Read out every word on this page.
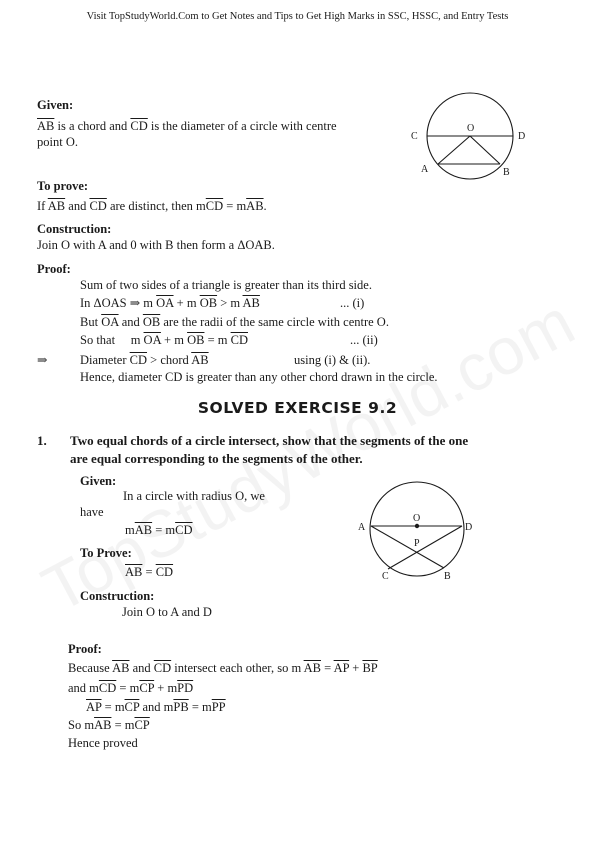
Visit TopStudyWorld.Com to Get Notes and Tips to Get High Marks in SSC, HSSC, and Entry Tests
Given:
$\overline{AB}$ is a chord and $\overline{CD}$ is the diameter of a circle with centre
point O.
O
C	D
A	B
To prove:
If $\overline{AB}$ and $\overline{CD}$ are distinct, then $m\overline{CD} = m\overline{AB}$.
Construction:
Join O with A and 0 with B then form a ΔOAB.
Proof:
Sum of two sides of a triangle is greater than its third side.
In ΔOAS ⇒ m $\overline{OA} + m$ $\overline{OB} > m$ $\overline{AB}$	... (i)
But $\overline{OA}$ and $\overline{OB}$ are the radii of the same circle with centre O.
So that     m $\overline{OA} + m$ $\overline{OB} = m$ $\overline{CD}$	... (ii)
⇒	Diameter $\overline{CD}$ > chord $\overline{AB}$	using (i) & (ii).
Hence, diameter CD is greater than any other chord drawn in the circle.
SOLVED EXERCISE 9.2
1. Two equal chords of a circle intersect, show that the segments of the one
are equal corresponding to the segments of the other.
Given:
In a circle with radius O, we
have
$m\overline{AB} = m\overline{CD}$
O
A	D
P
C	B
To Prove:
$\overline{AB} = \overline{CD}$
Construction:
Join O to A and D
Proof:
Because $\overline{AB}$ and $\overline{CD}$ intersect each other, so m $\overline{AB} = \overline{AP} + \overline{BP}$
and $m\overline{CD} = m\overline{CP} + m\overline{PD}$
$\overline{AP} = m\overline{CP}$ and $m\overline{PB} = m\overline{PP}$
So $m\overline{AB} = m\overline{CP}$
Hence proved
